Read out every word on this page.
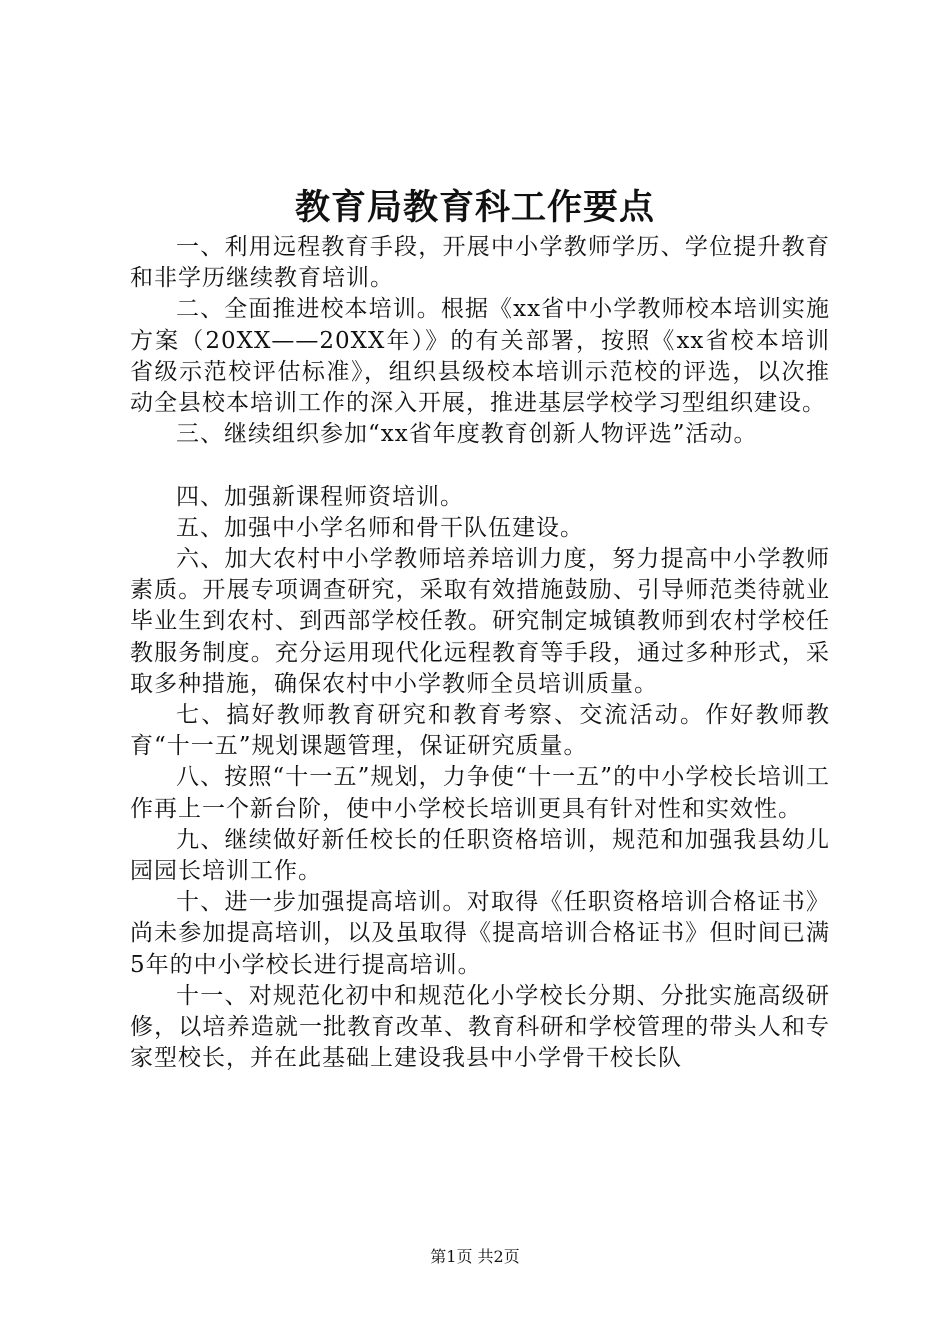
教育局教育科工作要点

一、利用远程教育手段，开展中小学教师学历、学位提升教育和非学历继续教育培训。

二、全面推进校本培训。根据《xx省中小学教师校本培训实施方案（20XX——20XX年）》的有关部署，按照《xx省校本培训省级示范校评估标准》，组织县级校本培训示范校的评选，以次推动全县校本培训工作的深入开展，推进基层学校学习型组织建设。

三、继续组织参加“xx省年度教育创新人物评选”活动。

四、加强新课程师资培训。

五、加强中小学名师和骨干队伍建设。

六、加大农村中小学教师培养培训力度，努力提高中小学教师素质。开展专项调查研究，采取有效措施鼓励、引导师范类待就业毕业生到农村、到西部学校任教。研究制定城镇教师到农村学校任教服务制度。充分运用现代化远程教育等手段，通过多种形式，采取多种措施，确保农村中小学教师全员培训质量。

七、搞好教师教育研究和教育考察、交流活动。作好教师教育“十一五”规划课题管理，保证研究质量。

八、按照“十一五”规划，力争使“十一五”的中小学校长培训工作再上一个新台阶，使中小学校长培训更具有针对性和实效性。

九、继续做好新任校长的任职资格培训，规范和加强我县幼儿园园长培训工作。

十、进一步加强提高培训。对取得《任职资格培训合格证书》尚未参加提高培训，以及虽取得《提高培训合格证书》但时间已满5年的中小学校长进行提高培训。

十一、对规范化初中和规范化小学校长分期、分批实施高级研修，以培养造就一批教育改革、教育科研和学校管理的带头人和专家型校长，并在此基础上建设我县中小学骨干校长队

第1页 共2页
